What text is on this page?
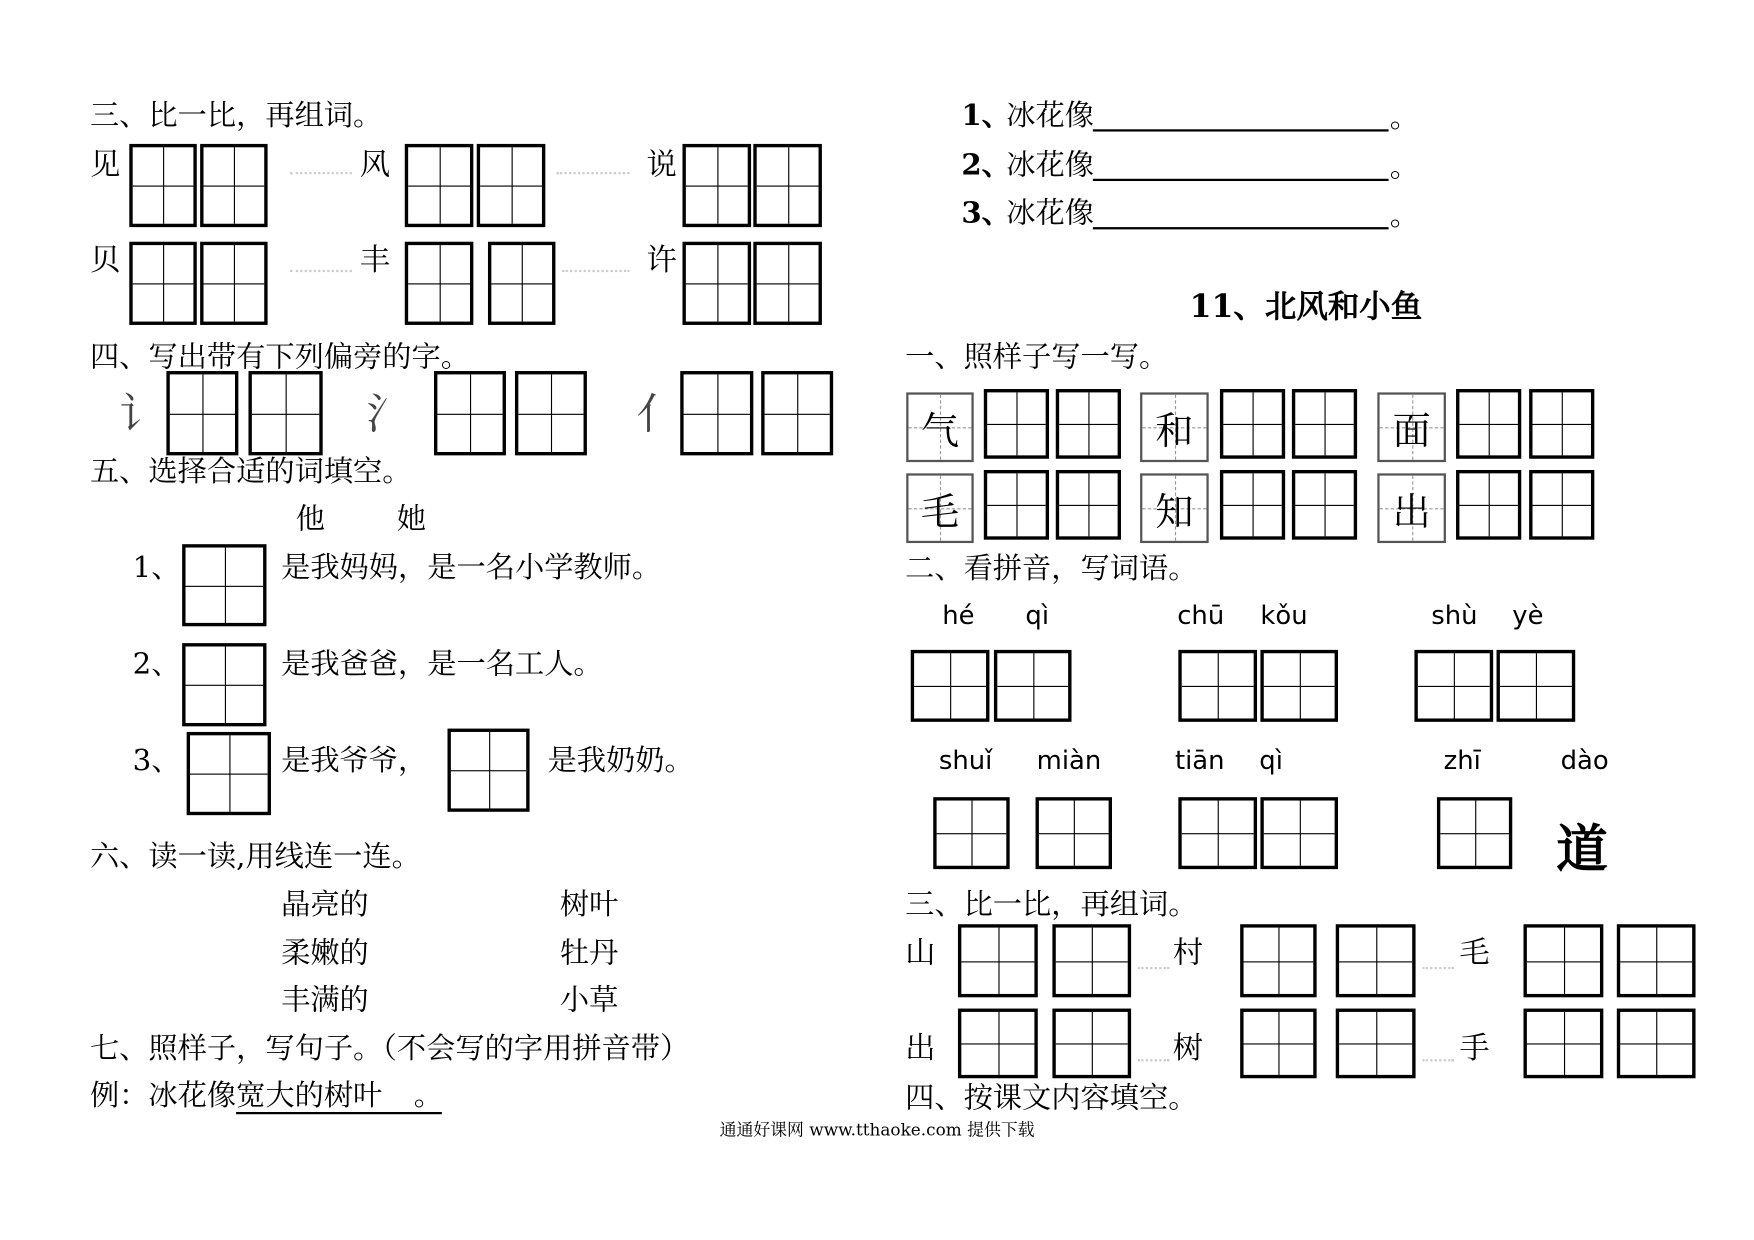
三、比一比，再组词。
见	风	说
贝	丰	许
四、写出带有下列偏旁的字。
讠	氵	亻
五、选择合适的词填空。
他	她
1、	是我妈妈，是一名小学教师。
2、	是我爸爸，是一名工人。
3、	是我爷爷，	是我奶奶。
六、读一读,用线连一连。
晶亮的	树叶
柔嫩的	牡丹
丰满的	小草
七、照样子，写句子。（不会写的字用拼音带）
例：冰花像 宽大的树叶 。
1、
冰花像	。
2、
冰花像	。
3、
冰花像	。
11、北风和小鱼
一、照样子写一写。
气	和	面
毛	知	出
二、看拼音，写词语。
hé qì	chū kǒu	shù yè
shuǐ miàn	tiān qì	zhī	dào
道
三、比一比，再组词。
山	村	毛
出	树	手
四、按课文内容填空。
通通好课网 www.tthaoke.com 提供下载
